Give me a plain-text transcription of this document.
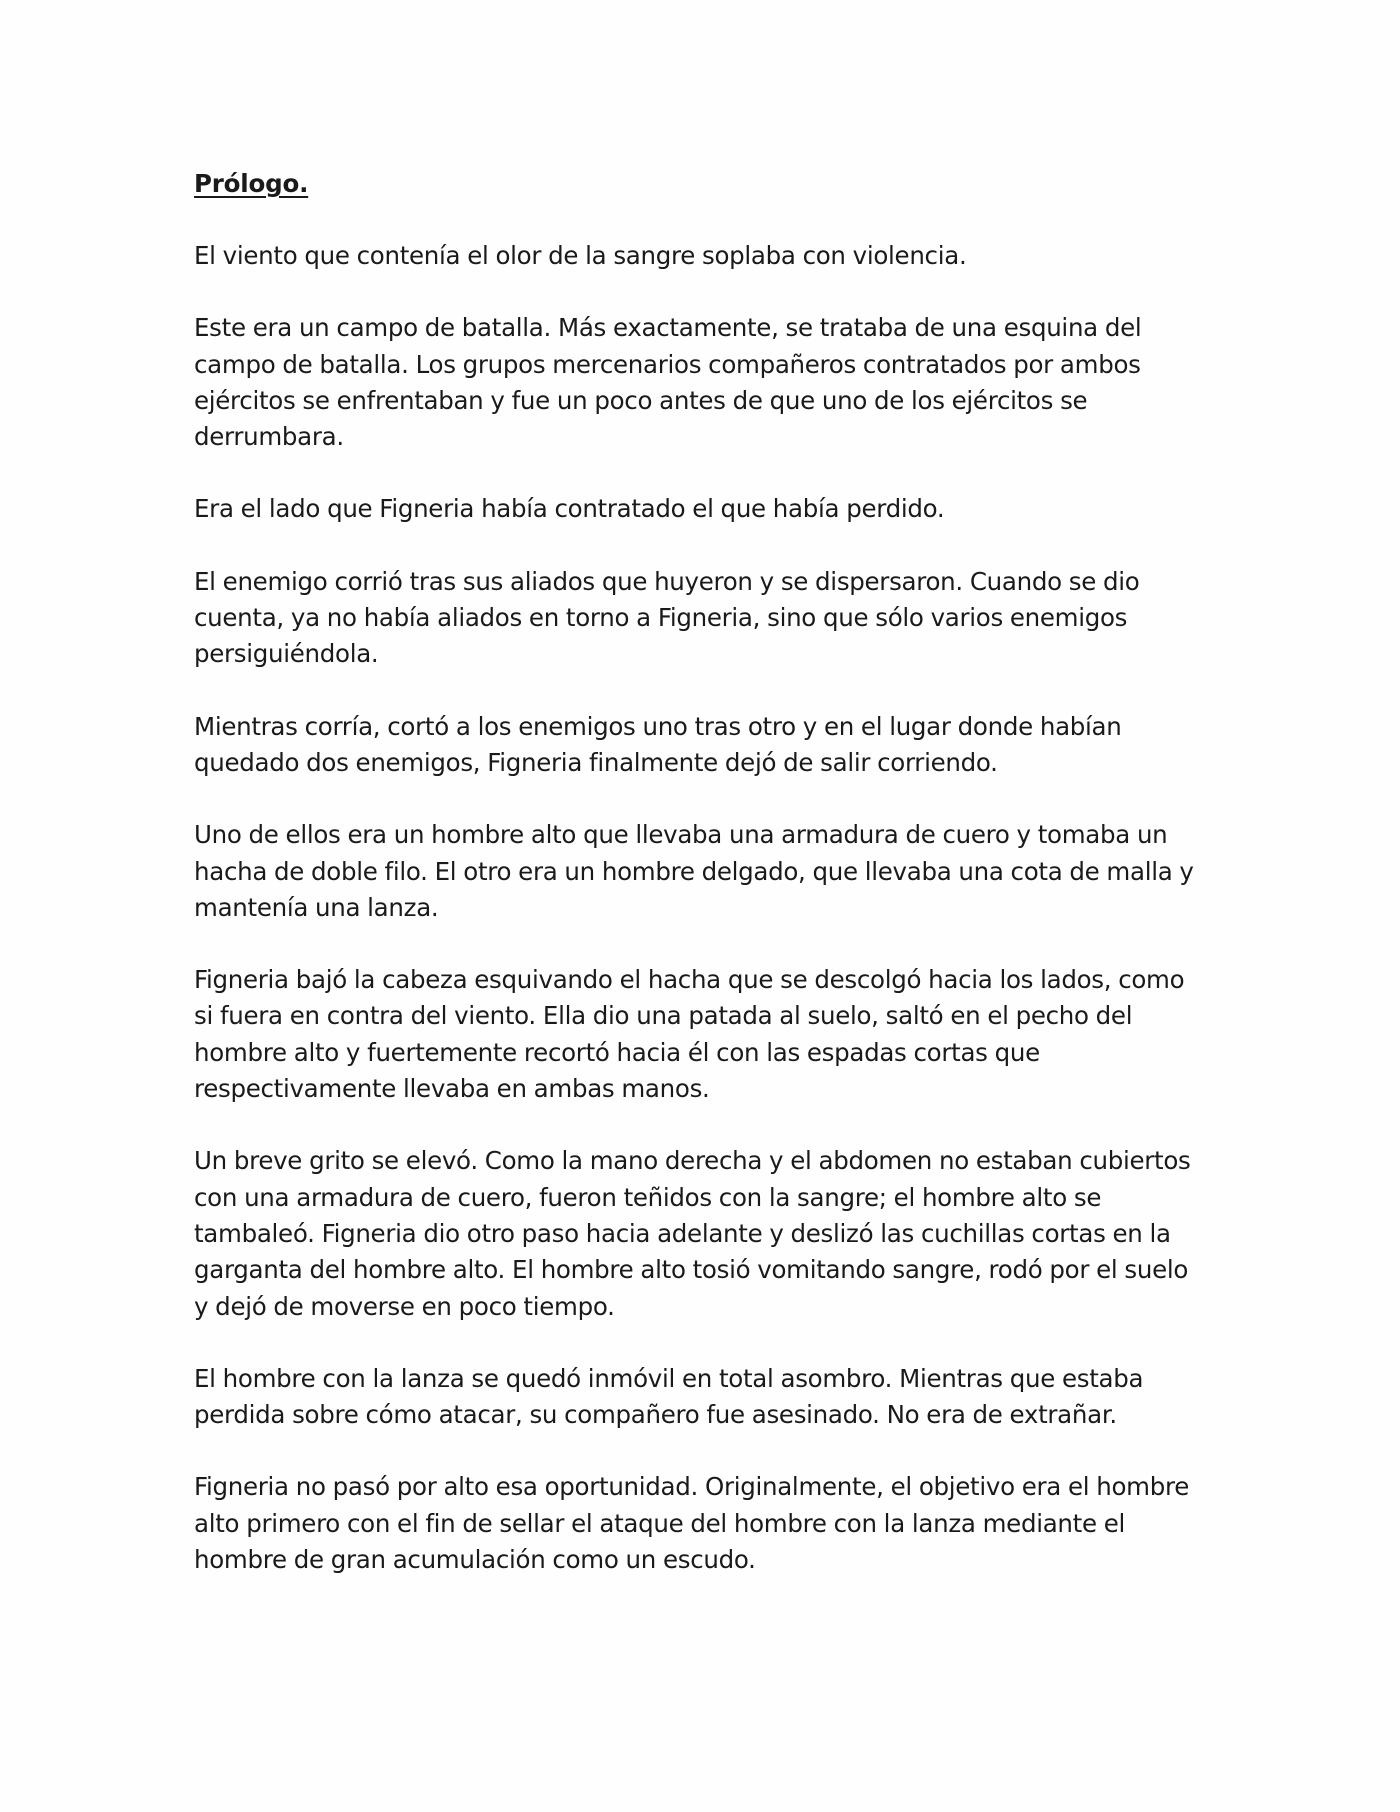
Prólogo.
El viento que contenía el olor de la sangre soplaba con violencia.
Este era un campo de batalla. Más exactamente, se trataba de una esquina del
campo de batalla. Los grupos mercenarios compañeros contratados por ambos
ejércitos se enfrentaban y fue un poco antes de que uno de los ejércitos se
derrumbara.
Era el lado que Figneria había contratado el que había perdido.
El enemigo corrió tras sus aliados que huyeron y se dispersaron. Cuando se dio
cuenta, ya no había aliados en torno a Figneria, sino que sólo varios enemigos
persiguiéndola.
Mientras corría, cortó a los enemigos uno tras otro y en el lugar donde habían
quedado dos enemigos, Figneria finalmente dejó de salir corriendo.
Uno de ellos era un hombre alto que llevaba una armadura de cuero y tomaba un
hacha de doble filo. El otro era un hombre delgado, que llevaba una cota de malla y
mantenía una lanza.
Figneria bajó la cabeza esquivando el hacha que se descolgó hacia los lados, como
si fuera en contra del viento. Ella dio una patada al suelo, saltó en el pecho del
hombre alto y fuertemente recortó hacia él con las espadas cortas que
respectivamente llevaba en ambas manos.
Un breve grito se elevó. Como la mano derecha y el abdomen no estaban cubiertos
con una armadura de cuero, fueron teñidos con la sangre; el hombre alto se
tambaleó. Figneria dio otro paso hacia adelante y deslizó las cuchillas cortas en la
garganta del hombre alto. El hombre alto tosió vomitando sangre, rodó por el suelo
y dejó de moverse en poco tiempo.
El hombre con la lanza se quedó inmóvil en total asombro. Mientras que estaba
perdida sobre cómo atacar, su compañero fue asesinado. No era de extrañar.
Figneria no pasó por alto esa oportunidad. Originalmente, el objetivo era el hombre
alto primero con el fin de sellar el ataque del hombre con la lanza mediante el
hombre de gran acumulación como un escudo.
